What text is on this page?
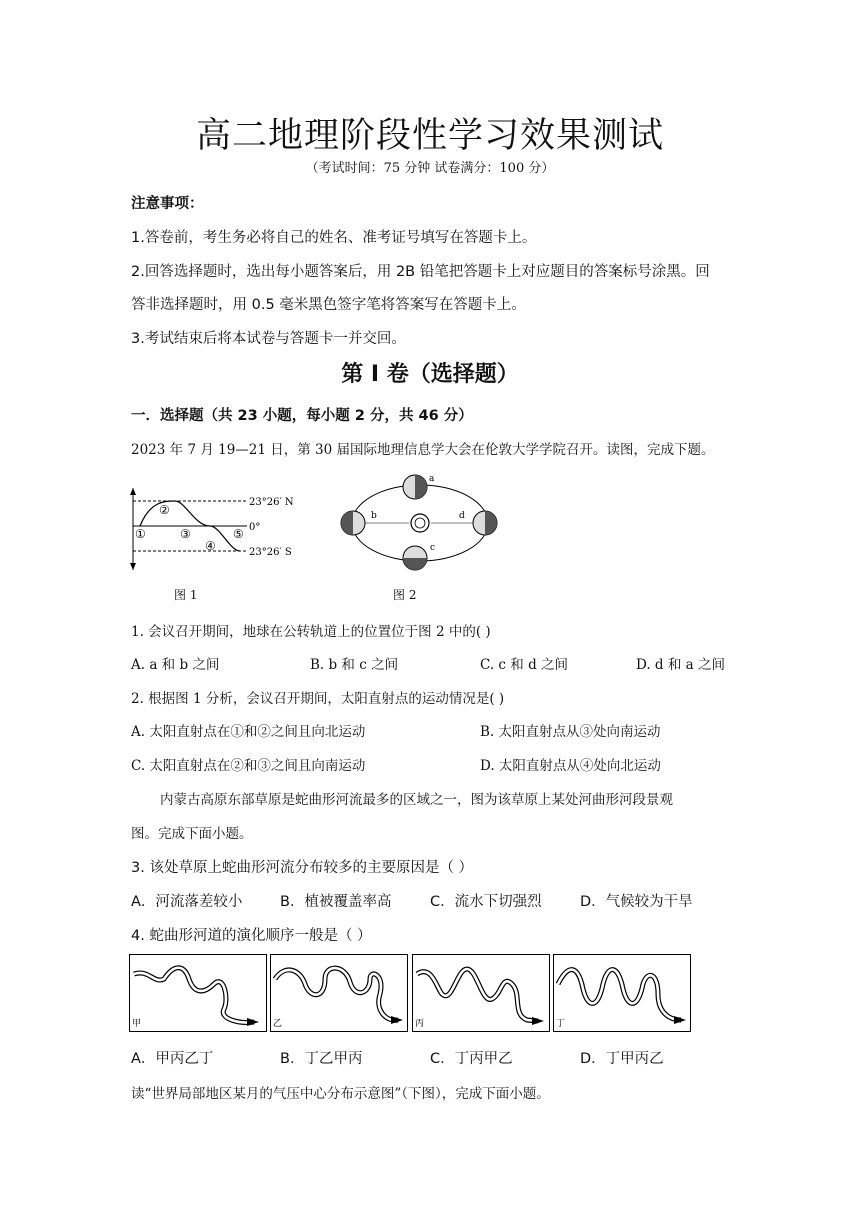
高二地理阶段性学习效果测试
（考试时间：75 分钟 试卷满分：100 分）
注意事项：
1.答卷前，考生务必将自己的姓名、准考证号填写在答题卡上。
2.回答选择题时，选出每小题答案后，用 2B 铅笔把答题卡上对应题目的答案标号涂黑。回
答非选择题时，用 0.5 毫米黑色签字笔将答案写在答题卡上。
3.考试结束后将本试卷与答题卡一并交回。
第 I 卷（选择题）
一．选择题（共 23 小题，每小题 2 分，共 46 分）
2023 年 7 月 19—21 日，第 30 届国际地理信息学大会在伦敦大学学院召开。读图，完成下题。
23°26′ N
0°
23°26′ S
①
②
③
④
⑤
图 1
a
b
c
d
图 2
1. 会议召开期间，地球在公转轨道上的位置位于图 2 中的( )
A. a 和 b 之间	B. b 和 c 之间	C. c 和 d 之间	D. d 和 a 之间
2. 根据图 1 分析，会议召开期间，太阳直射点的运动情况是( )
A. 太阳直射点在①和②之间且向北运动	B. 太阳直射点从③处向南运动
C. 太阳直射点在②和③之间且向南运动	D. 太阳直射点从④处向北运动
内蒙古高原东部草原是蛇曲形河流最多的区域之一，图为该草原上某处河曲形河段景观
图。完成下面小题。
3. 该处草原上蛇曲形河流分布较多的主要原因是（ ）
A．河流落差较小	B．植被覆盖率高	C．流水下切强烈	D．气候较为干旱
4. 蛇曲形河道的演化顺序一般是（ ）
甲	乙	丙	丁
A．甲丙乙丁	B．丁乙甲丙	C．丁丙甲乙	D．丁甲丙乙
读“世界局部地区某月的气压中心分布示意图”（下图），完成下面小题。
